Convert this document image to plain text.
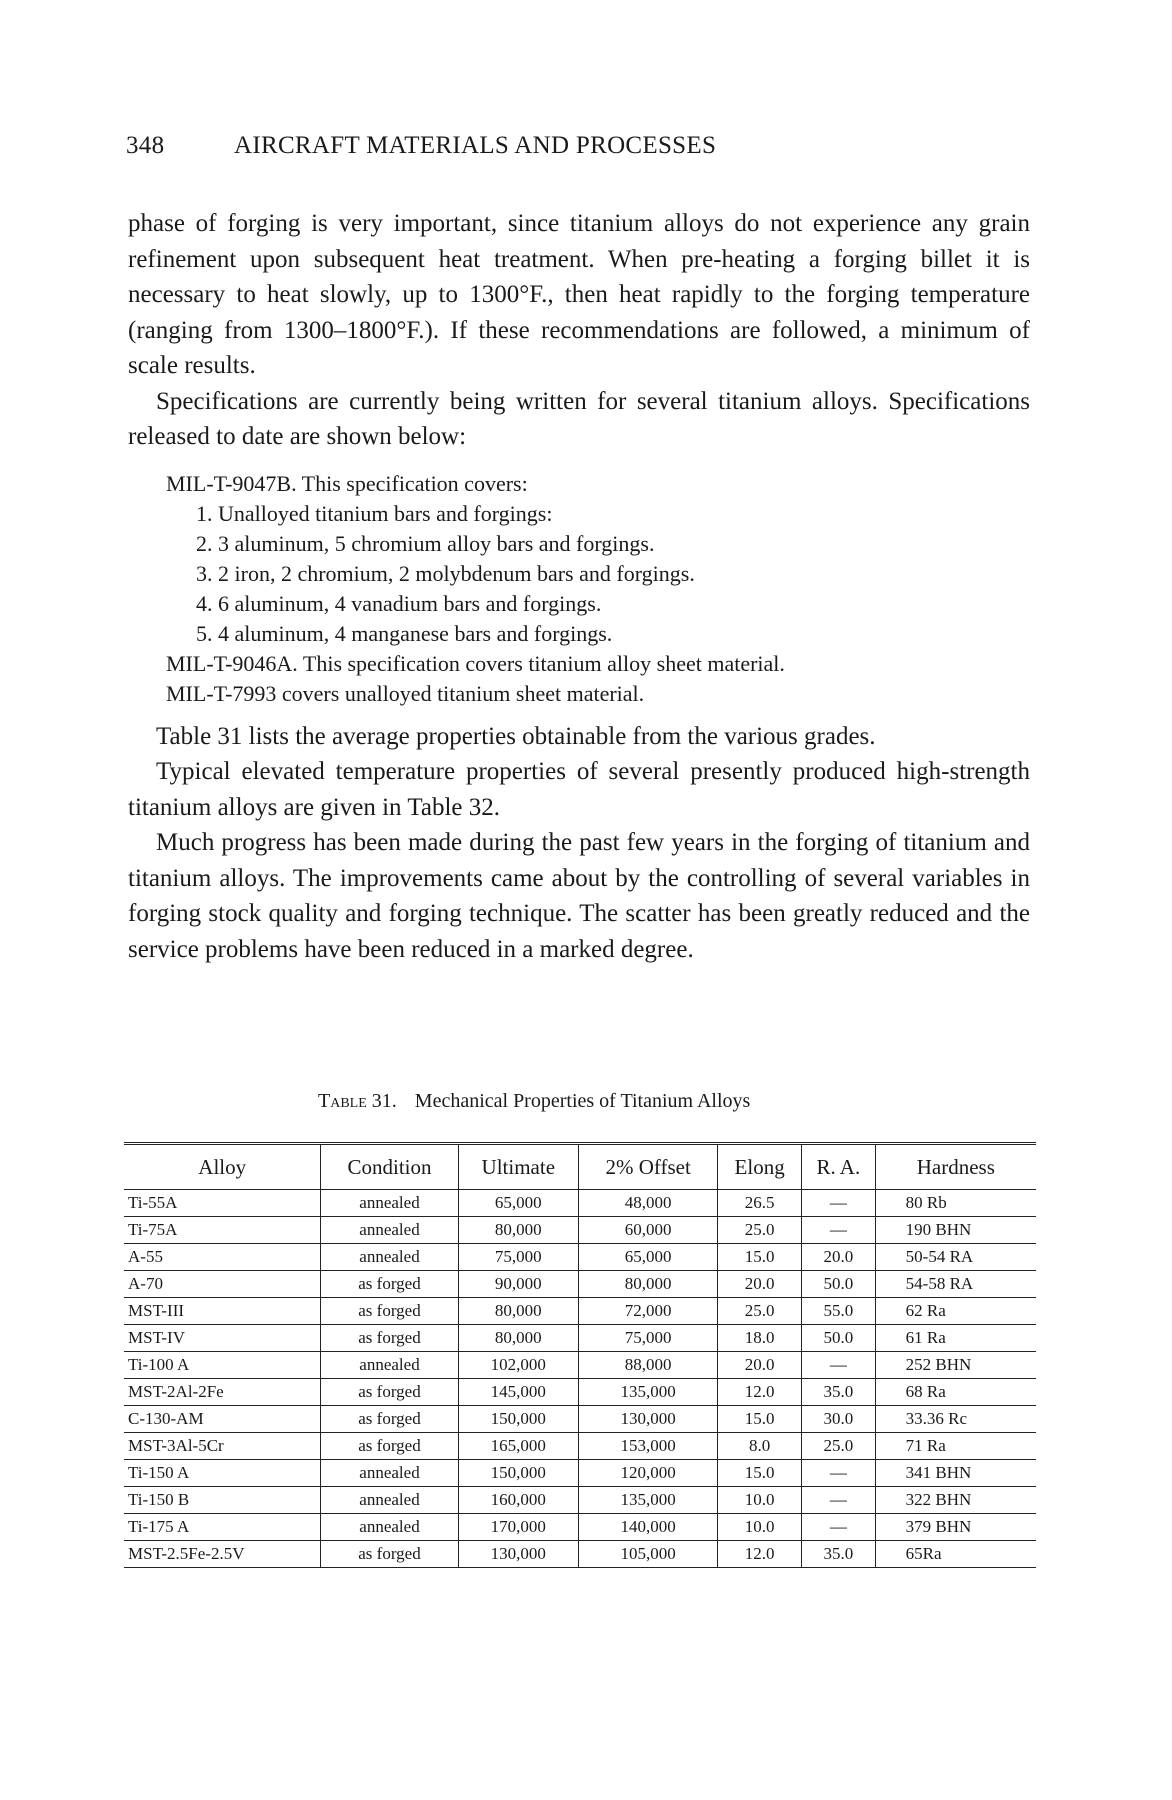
348	AIRCRAFT MATERIALS AND PROCESSES

phase of forging is very important, since titanium alloys do not experience any grain refinement upon subsequent heat treatment. When pre-heating a forging billet it is necessary to heat slowly, up to 1300°F., then heat rapidly to the forging temperature (ranging from 1300–1800°F.). If these recommendations are followed, a minimum of scale results.

Specifications are currently being written for several titanium alloys. Specifications released to date are shown below:

MIL-T-9047B. This specification covers:
1. Unalloyed titanium bars and forgings:
2. 3 aluminum, 5 chromium alloy bars and forgings.
3. 2 iron, 2 chromium, 2 molybdenum bars and forgings.
4. 6 aluminum, 4 vanadium bars and forgings.
5. 4 aluminum, 4 manganese bars and forgings.
MIL-T-9046A. This specification covers titanium alloy sheet material.
MIL-T-7993 covers unalloyed titanium sheet material.

Table 31 lists the average properties obtainable from the various grades.

Typical elevated temperature properties of several presently produced high-strength titanium alloys are given in Table 32.

Much progress has been made during the past few years in the forging of titanium and titanium alloys. The improvements came about by the controlling of several variables in forging stock quality and forging technique. The scatter has been greatly reduced and the service problems have been reduced in a marked degree.

Table 31. Mechanical Properties of Titanium Alloys
Alloy	Condition	Ultimate	2% Offset	Elong	R. A.	Hardness
Ti-55A	annealed	65,000	48,000	26.5	—	80 Rb
Ti-75A	annealed	80,000	60,000	25.0	—	190 BHN
A-55	annealed	75,000	65,000	15.0	20.0	50-54 RA
A-70	as forged	90,000	80,000	20.0	50.0	54-58 RA
MST-III	as forged	80,000	72,000	25.0	55.0	62 Ra
MST-IV	as forged	80,000	75,000	18.0	50.0	61 Ra
Ti-100 A	annealed	102,000	88,000	20.0	—	252 BHN
MST-2Al-2Fe	as forged	145,000	135,000	12.0	35.0	68 Ra
C-130-AM	as forged	150,000	130,000	15.0	30.0	33.36 Rc
MST-3Al-5Cr	as forged	165,000	153,000	8.0	25.0	71 Ra
Ti-150 A	annealed	150,000	120,000	15.0	—	341 BHN
Ti-150 B	annealed	160,000	135,000	10.0	—	322 BHN
Ti-175 A	annealed	170,000	140,000	10.0	—	379 BHN
MST-2.5Fe-2.5V	as forged	130,000	105,000	12.0	35.0	65Ra
